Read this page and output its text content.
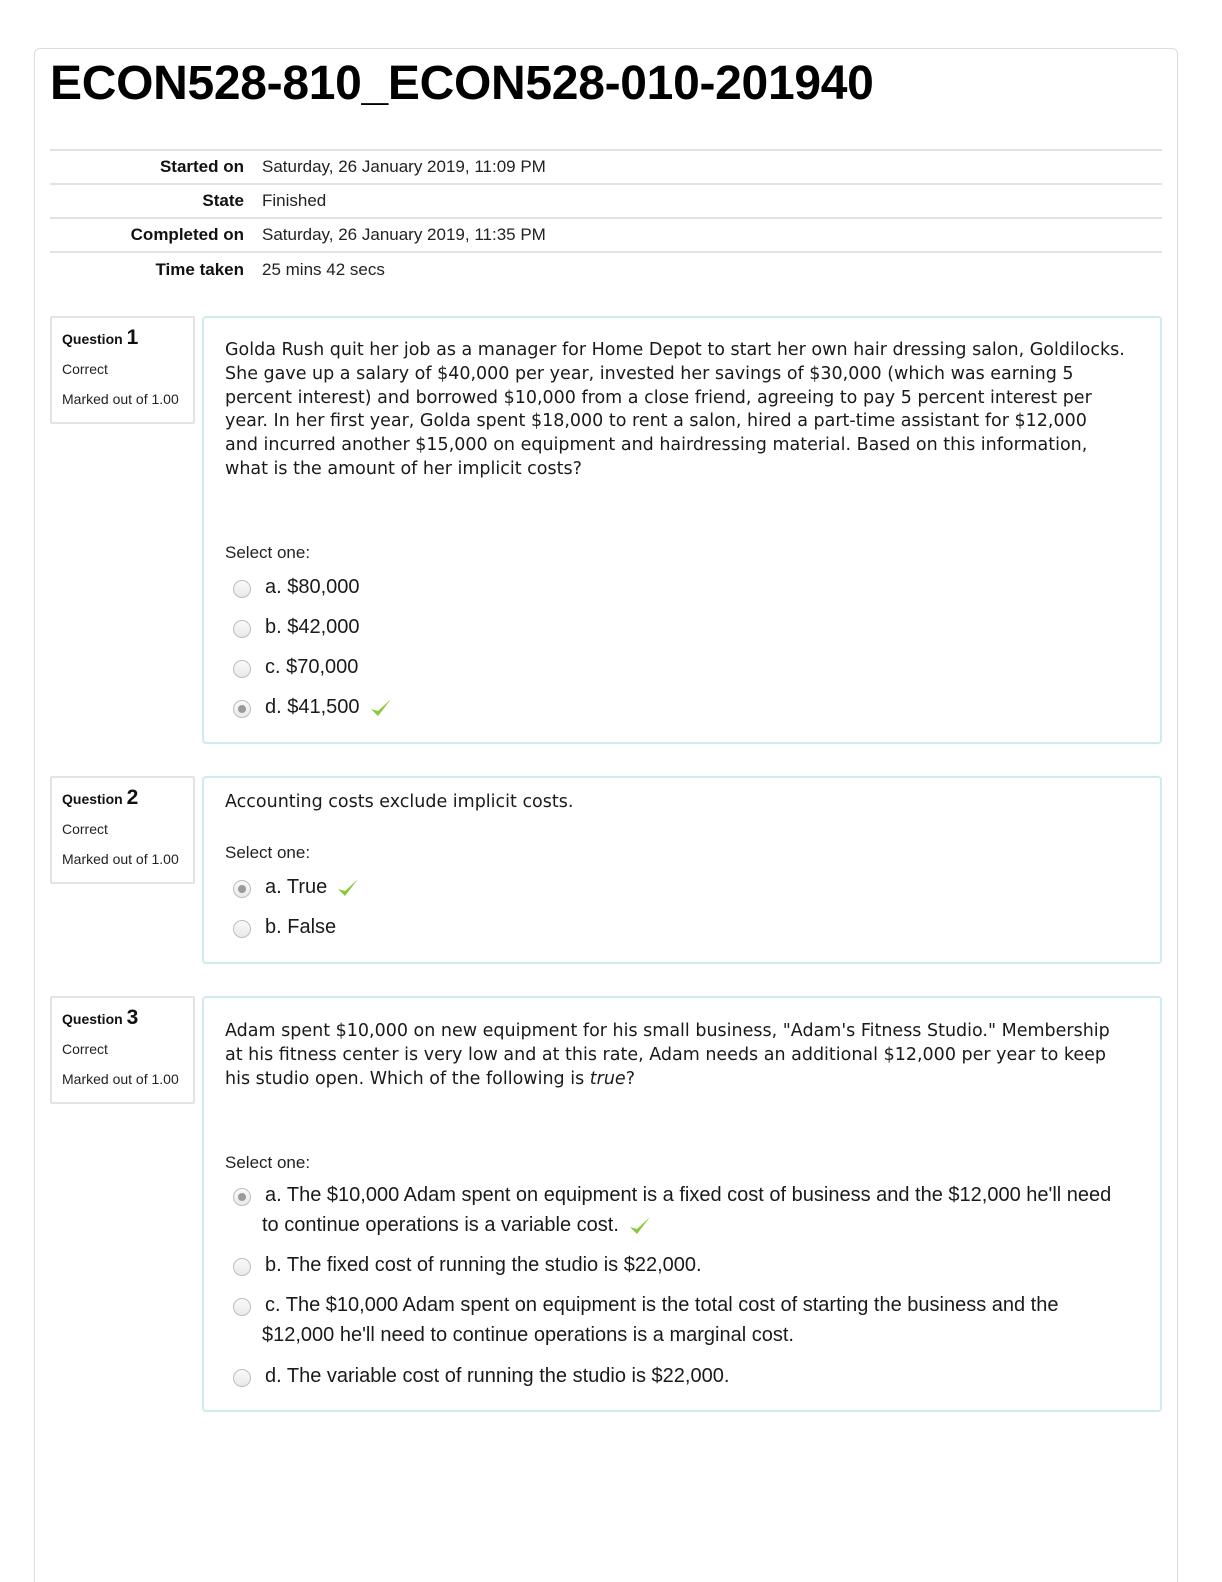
ECON528-810_ECON528-010-201940
Started on	Saturday, 26 January 2019, 11:09 PM
State	Finished
Completed on	Saturday, 26 January 2019, 11:35 PM
Time taken	25 mins 42 secs
Question 1
Correct
Marked out of 1.00
Golda Rush quit her job as a manager for Home Depot to start her own hair dressing salon, Goldilocks. She gave up a salary of $40,000 per year, invested her savings of $30,000 (which was earning 5 percent interest) and borrowed $10,000 from a close friend, agreeing to pay 5 percent interest per year. In her first year, Golda spent $18,000 to rent a salon, hired a part-time assistant for $12,000 and incurred another $15,000 on equipment and hairdressing material. Based on this information, what is the amount of her implicit costs?
Select one:
a. $80,000
b. $42,000
c. $70,000
d. $41,500
Question 2
Correct
Marked out of 1.00
Accounting costs exclude implicit costs.
Select one:
a. True
b. False
Question 3
Correct
Marked out of 1.00
Adam spent $10,000 on new equipment for his small business, "Adam's Fitness Studio." Membership at his fitness center is very low and at this rate, Adam needs an additional $12,000 per year to keep his studio open. Which of the following is true?
Select one:
a. The $10,000 Adam spent on equipment is a fixed cost of business and the $12,000 he'll need to continue operations is a variable cost.
b. The fixed cost of running the studio is $22,000.
c. The $10,000 Adam spent on equipment is the total cost of starting the business and the $12,000 he'll need to continue operations is a marginal cost.
d. The variable cost of running the studio is $22,000.
